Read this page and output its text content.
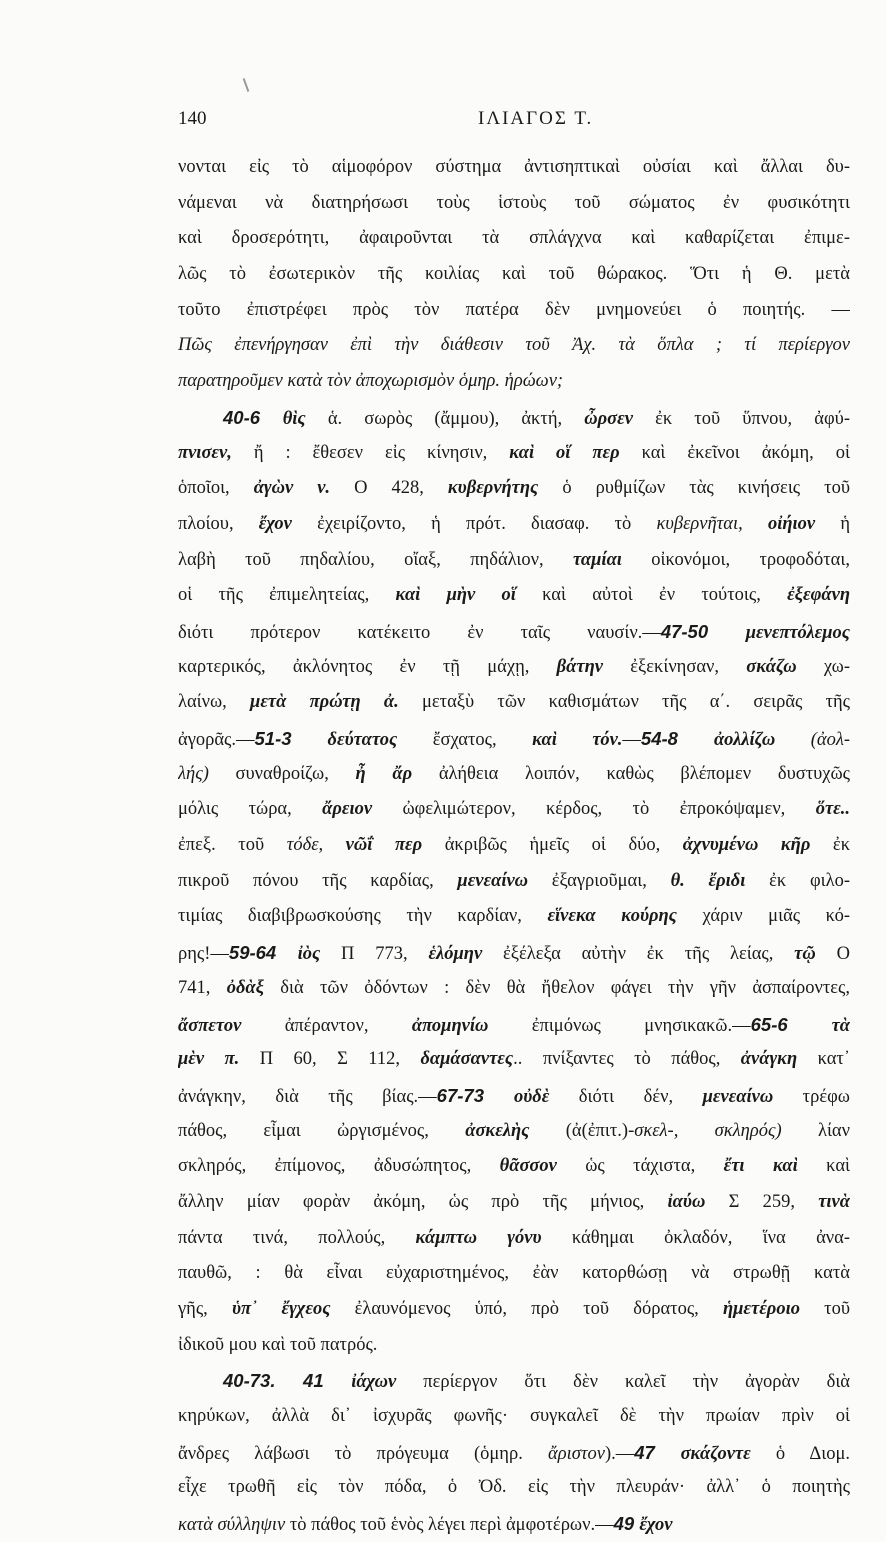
140	ΙΛΙΑΓΟΣ Τ.
νονται εἰς τὸ αἱμοφόρον σύστημα ἀντισηπτικαὶ οὐσίαι καὶ ἄλλαι δυ-
νάμεναι νὰ διατηρήσωσι τοὺς ἱστοὺς τοῦ σώματος ἐν φυσικότητι
καὶ δροσερότητι, ἀφαιροῦνται τὰ σπλάγχνα καὶ καθαρίζεται ἐπιμε-
λῶς τὸ ἐσωτερικὸν τῆς κοιλίας καὶ τοῦ θώρακος. Ὅτι ἡ Θ. μετὰ
τοῦτο ἐπιστρέφει πρὸς τὸν πατέρα δὲν μνημονεύει ὁ ποιητής. —
Πῶς ἐπενήργησαν ἐπὶ τὴν διάθεσιν τοῦ Ἀχ. τὰ ὅπλα ; τί περίεργον
παρατηροῦμεν κατὰ τὸν ἀποχωρισμὸν ὁμηρ. ἡρώων;
40-6 θὶς ἁ. σωρὸς (ἄμμου), ἀκτή, ὦρσεν ἐκ τοῦ ὕπνου, ἀφύ-
πνισεν, ἤ : ἔθεσεν εἰς κίνησιν, καὶ οἵ περ καὶ ἐκεῖνοι ἀκόμη, οἱ
ὁποῖοι, ἀγὼν ν. Ο 428, κυβερνήτης ὁ ρυθμίζων τὰς κινήσεις τοῦ
πλοίου, ἔχον ἐχειρίζοντο, ἡ πρότ. διασαφ. τὸ κυβερνῆται, οἰήιον ἡ
λαβὴ τοῦ πηδαλίου, οἴαξ, πηδάλιον, ταμίαι οἰκονόμοι, τροφοδόται,
οἱ τῆς ἐπιμελητείας, καὶ μὴν οἵ καὶ αὐτοὶ ἐν τούτοις, ἐξεφάνη
διότι πρότερον κατέκειτο ἐν ταῖς ναυσίν.—47-50 μενεπτόλεμος
καρτερικός, ἀκλόνητος ἐν τῇ μάχῃ, βάτην ἐξεκίνησαν, σκάζω χω-
λαίνω, μετὰ πρώτῃ ἀ. μεταξὺ τῶν καθισμάτων τῆς α΄. σειρᾶς τῆς
ἀγορᾶς.—51-3 δεύτατος ἔσχατος, καὶ τόν.—54-8 ἀολλίζω (ἀολ-
λής) συναθροίζω, ἦ ἄρ ἀλήθεια λοιπόν, καθὼς βλέπομεν δυστυχῶς
μόλις τώρα, ἄρειον ὠφελιμώτερον, κέρδος, τὸ ἐπροκόψαμεν, ὅτε..
ἐπεξ. τοῦ τόδε, νῶΐ περ ἀκριβῶς ἡμεῖς οἱ δύο, ἀχνυμένω κῆρ ἐκ
πικροῦ πόνου τῆς καρδίας, μενεαίνω ἐξαγριοῦμαι, θ. ἔριδι ἐκ φιλο-
τιμίας διαβιβρωσκούσης τὴν καρδίαν, εἵνεκα κούρης χάριν μιᾶς κό-
ρης!—59-64 ἰὸς Π 773, ἑλόμην ἐξέλεξα αὐτὴν ἐκ τῆς λείας, τῷ Ο
741, ὀδὰξ διὰ τῶν ὀδόντων : δὲν θὰ ἤθελον φάγει τὴν γῆν ἀσπαίροντες,
ἄσπετον ἀπέραντον, ἀπομηνίω ἐπιμόνως μνησικακῶ.—65-6 τὰ
μὲν π. Π 60, Σ 112, δαμάσαντες.. πνίξαντες τὸ πάθος, ἀνάγκη κατ᾽
ἀνάγκην, διὰ τῆς βίας.—67-73 οὐδὲ διότι δέν, μενεαίνω τρέφω
πάθος, εἶμαι ὠργισμένος, ἀσκελὴς (ἀ(ἐπιτ.)-σκελ-, σκληρός) λίαν
σκληρός, ἐπίμονος, ἀδυσώπητος, θᾶσσον ὡς τάχιστα, ἔτι καὶ καὶ
ἄλλην μίαν φορὰν ἀκόμη, ὡς πρὸ τῆς μήνιος, ἰαύω Σ 259, τινὰ
πάντα τινά, πολλούς, κάμπτω γόνυ κάθημαι ὀκλαδόν, ἵνα ἀνα-
παυθῶ, : θὰ εἶναι εὐχαριστημένος, ἐὰν κατορθώσῃ νὰ στρωθῇ κατὰ
γῆς, ὑπ᾽ ἔγχεος ἐλαυνόμενος ὑπό, πρὸ τοῦ δόρατος, ἡμετέροιο τοῦ
ἰδικοῦ μου καὶ τοῦ πατρός.
40-73. 41 ἰάχων περίεργον ὅτι δὲν καλεῖ τὴν ἀγορὰν διὰ
κηρύκων, ἀλλὰ δι᾽ ἰσχυρᾶς φωνῆς· συγκαλεῖ δὲ τὴν πρωίαν πρὶν οἱ
ἄνδρες λάβωσι τὸ πρόγευμα (ὁμηρ. ἄριστον).—47 σκάζοντε ὁ Διομ.
εἶχε τρωθῆ εἰς τὸν πόδα, ὁ Ὀδ. εἰς τὴν πλευράν· ἀλλ᾽ ὁ ποιητὴς
κατὰ σύλληψιν τὸ πάθος τοῦ ἑνὸς λέγει περὶ ἀμφοτέρων.—49 ἔχον
